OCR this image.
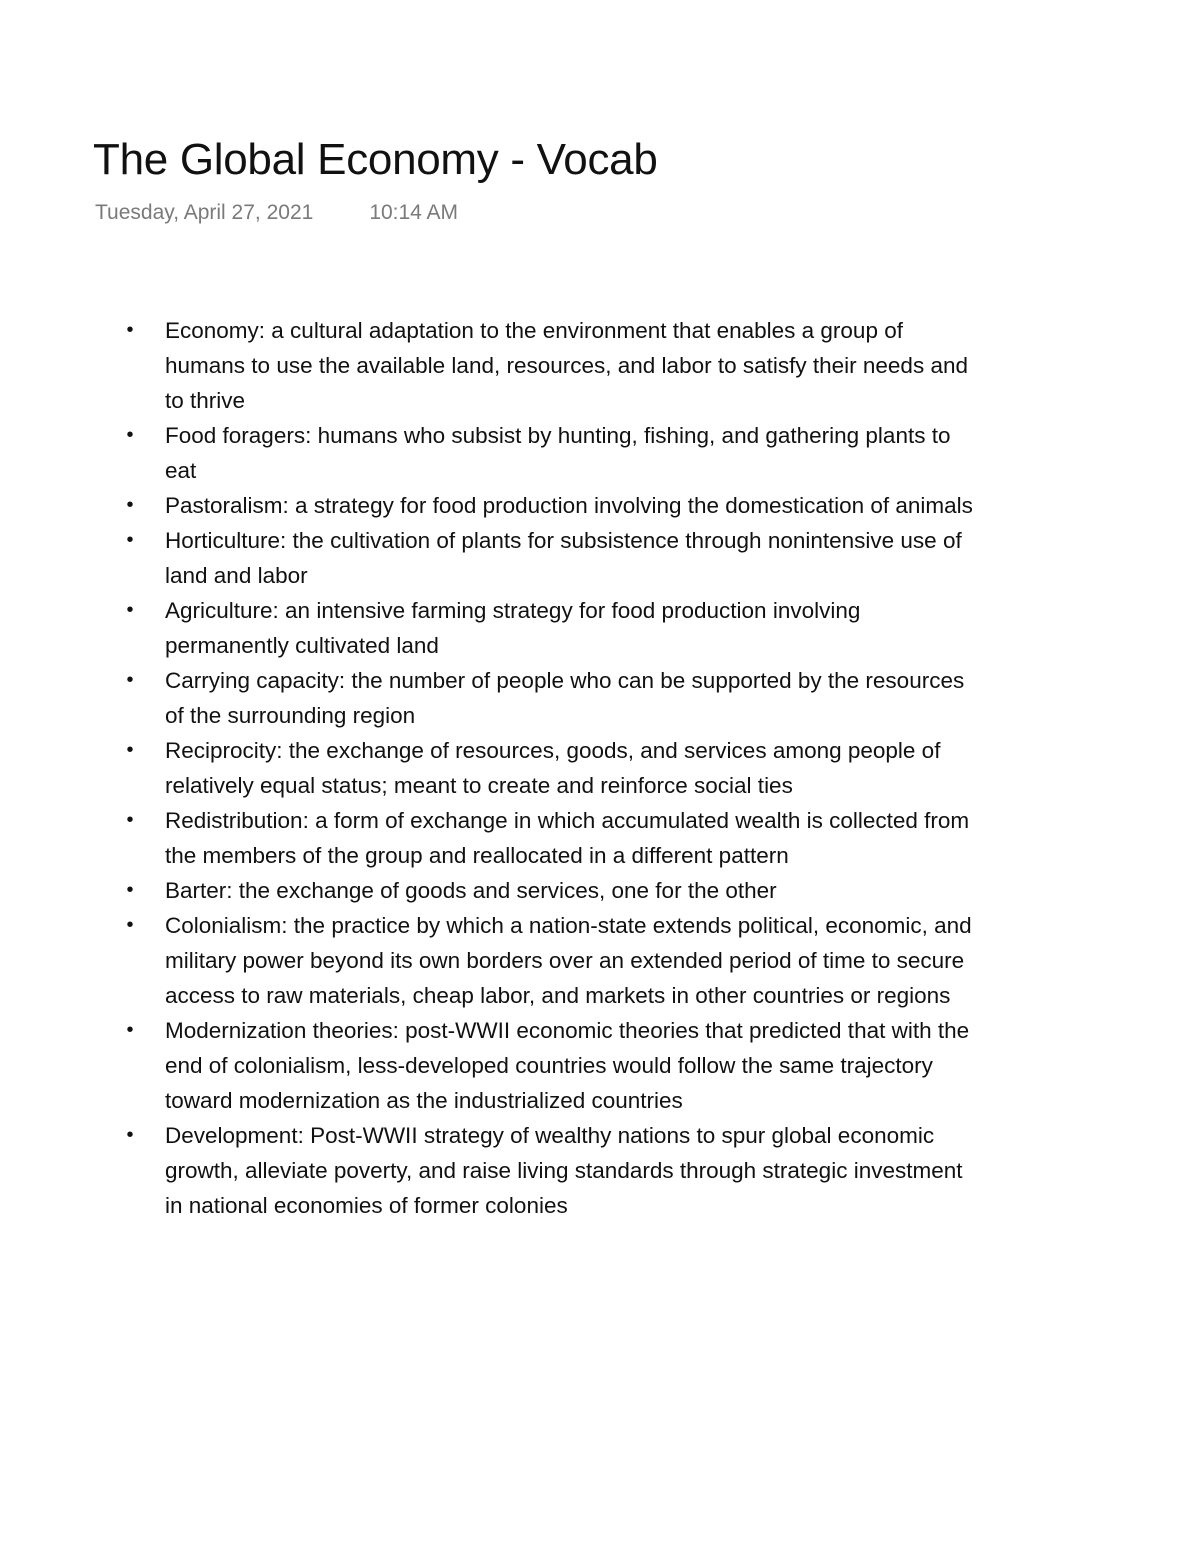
The Global Economy - Vocab
Tuesday, April 27, 2021	10:14 AM
• Economy: a cultural adaptation to the environment that enables a group of humans to use the available land, resources, and labor to satisfy their needs and to thrive
• Food foragers: humans who subsist by hunting, fishing, and gathering plants to eat
• Pastoralism: a strategy for food production involving the domestication of animals
• Horticulture: the cultivation of plants for subsistence through nonintensive use of land and labor
• Agriculture: an intensive farming strategy for food production involving permanently cultivated land
• Carrying capacity: the number of people who can be supported by the resources of the surrounding region
• Reciprocity: the exchange of resources, goods, and services among people of relatively equal status; meant to create and reinforce social ties
• Redistribution: a form of exchange in which accumulated wealth is collected from the members of the group and reallocated in a different pattern
• Barter: the exchange of goods and services, one for the other
• Colonialism: the practice by which a nation-state extends political, economic, and military power beyond its own borders over an extended period of time to secure access to raw materials, cheap labor, and markets in other countries or regions
• Modernization theories: post-WWII economic theories that predicted that with the end of colonialism, less-developed countries would follow the same trajectory toward modernization as the industrialized countries
• Development: Post-WWII strategy of wealthy nations to spur global economic growth, alleviate poverty, and raise living standards through strategic investment in national economies of former colonies
